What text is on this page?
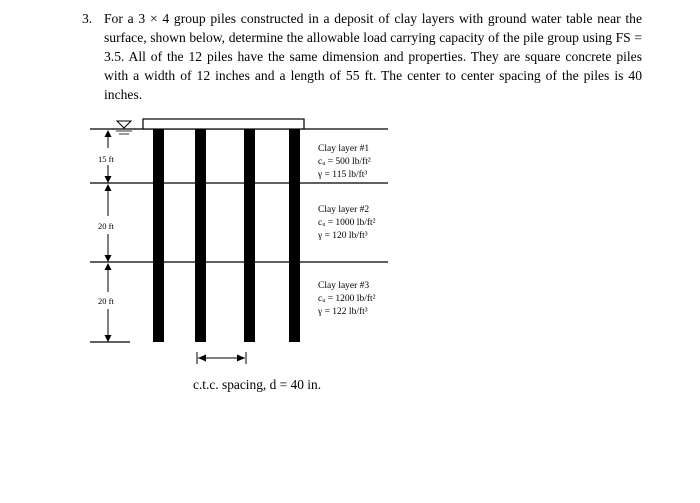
3. For a 3 × 4 group piles constructed in a deposit of clay layers with ground water table near the surface, shown below, determine the allowable load carrying capacity of the pile group using FS = 3.5. All of the 12 piles have the same dimension and properties. They are square concrete piles with a width of 12 inches and a length of 55 ft. The center to center spacing of the piles is 40 inches.
15 ft
20 ft
20 ft
Clay layer #1
cᵤ = 500 lb/ft²
γ = 115 lb/ft³
Clay layer #2
cᵤ = 1000 lb/ft²
γ = 120 lb/ft³
Clay layer #3
cᵤ = 1200 lb/ft²
γ = 122 lb/ft³
c.t.c. spacing, d = 40 in.
